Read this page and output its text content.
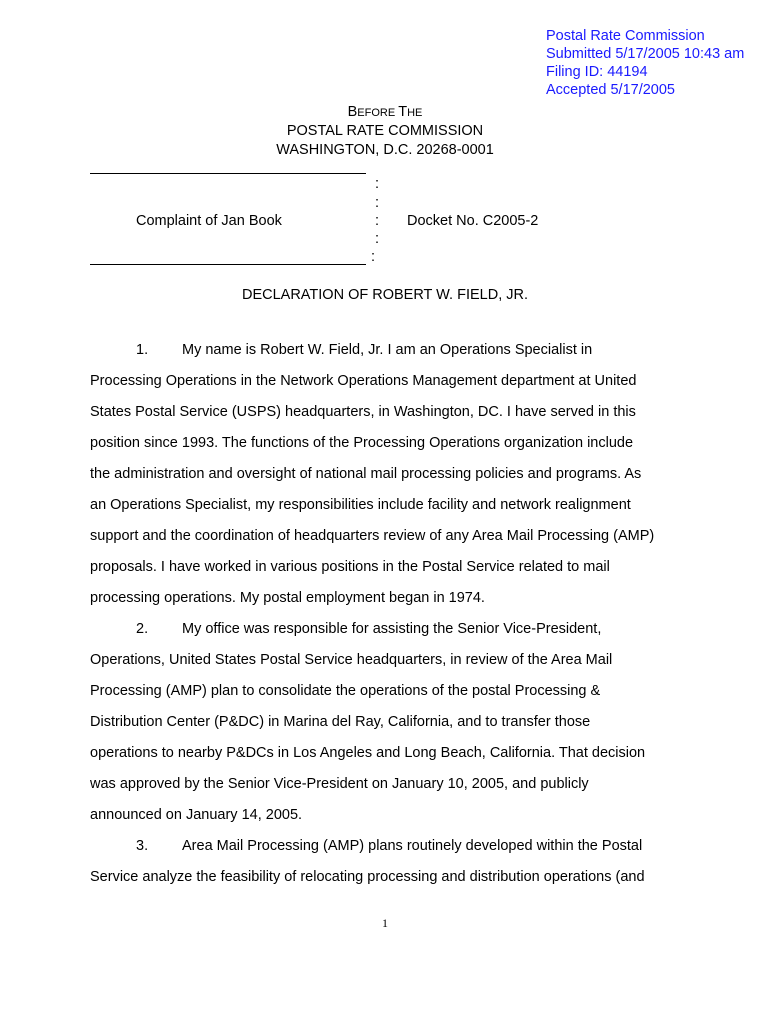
Postal Rate Commission
Submitted 5/17/2005 10:43 am
Filing ID: 44194
Accepted 5/17/2005
BEFORE THE
POSTAL RATE COMMISSION
WASHINGTON, D.C. 20268-0001
:
:
:
:
:
Complaint of Jan Book	Docket No. C2005-2
DECLARATION OF ROBERT W. FIELD, JR.
1. My name is Robert W. Field, Jr. I am an Operations Specialist in
Processing Operations in the Network Operations Management department at United
States Postal Service (USPS) headquarters, in Washington, DC. I have served in this
position since 1993. The functions of the Processing Operations organization include
the administration and oversight of national mail processing policies and programs. As
an Operations Specialist, my responsibilities include facility and network realignment
support and the coordination of headquarters review of any Area Mail Processing (AMP)
proposals. I have worked in various positions in the Postal Service related to mail
processing operations. My postal employment began in 1974.
2. My office was responsible for assisting the Senior Vice-President,
Operations, United States Postal Service headquarters, in review of the Area Mail
Processing (AMP) plan to consolidate the operations of the postal Processing &
Distribution Center (P&DC) in Marina del Ray, California, and to transfer those
operations to nearby P&DCs in Los Angeles and Long Beach, California. That decision
was approved by the Senior Vice-President on January 10, 2005, and publicly
announced on January 14, 2005.
3. Area Mail Processing (AMP) plans routinely developed within the Postal
Service analyze the feasibility of relocating processing and distribution operations (and
1
